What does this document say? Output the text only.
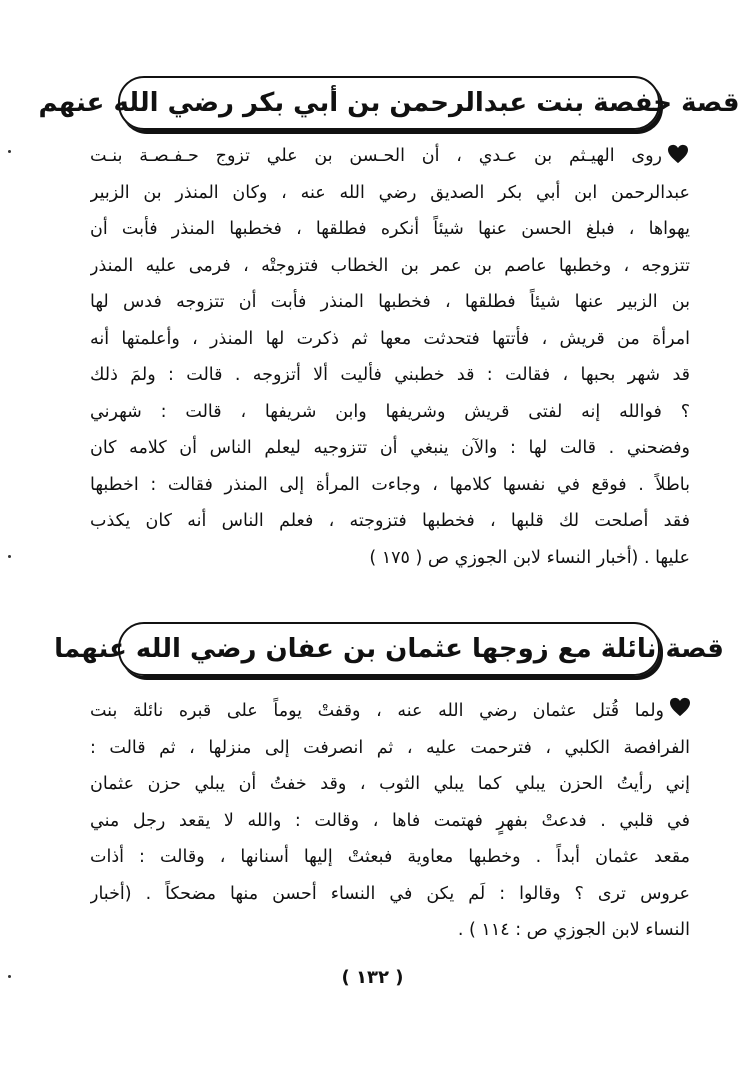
قصة حفصة بنت عبدالرحمن بن أبي بكر رضي الله عنهم
روى الهيـثم بن عـدي ، أن الحـسن بن علي تزوج حـفـصـة بنـت
عبدالرحمن ابن أبي بكر الصديق رضي الله عنه ، وكان المنذر بن الزبير
يهواها ، فبلغ الحسن عنها شيئاً أنكره فطلقها ، فخطبها المنذر فأبت أن
تتزوجه ، وخطبها عاصم بن عمر بن الخطاب فتزوجتْه ، فرمى عليه المنذر
بن الزبير عنها شيئاً فطلقها ، فخطبها المنذر فأبت أن تتزوجه فدس لها
امرأة من قريش ، فأتتها فتحدثت معها ثم ذكرت لها المنذر ، وأعلمتها أنه
قد شهر بحبها ، فقالت : قد خطبني فأليت ألا أتزوجه . قالت : ولمَ ذلك
؟ فوالله إنه لفتى قريش وشريفها وابن شريفها ، قالت : شهرني
وفضحني . قالت لها : والآن ينبغي أن تتزوجيه ليعلم الناس أن كلامه كان
باطلاً . فوقع في نفسها كلامها ، وجاءت المرأة إلى المنذر فقالت : اخطبها
فقد أصلحت لك قلبها ، فخطبها فتزوجته ، فعلم الناس أنه كان يكذب
عليها . (أخبار النساء لابن الجوزي ص ( ١٧٥ )
قصة نائلة مع زوجها عثمان بن عفان رضي الله عنهما
ولما قُتل عثمان رضي الله عنه ، وقفتْ يوماً على قبره نائلة بنت
الفرافصة الكلبي ، فترحمت عليه ، ثم انصرفت إلى منزلها ، ثم قالت :
إني رأيتُ الحزن يبلي كما يبلي الثوب ، وقد خفتُ أن يبلي حزن عثمان
في قلبي . فدعتْ بفهرٍ فهتمت فاها ، وقالت : والله لا يقعد رجل مني
مقعد عثمان أبداً . وخطبها معاوية فبعثتْ إليها أسنانها ، وقالت : أذات
عروس ترى ؟ وقالوا : لَم يكن في النساء أحسن منها مضحكاً . (أخبار
النساء لابن الجوزي ص : ١١٤ ) .
( ١٣٢ )
